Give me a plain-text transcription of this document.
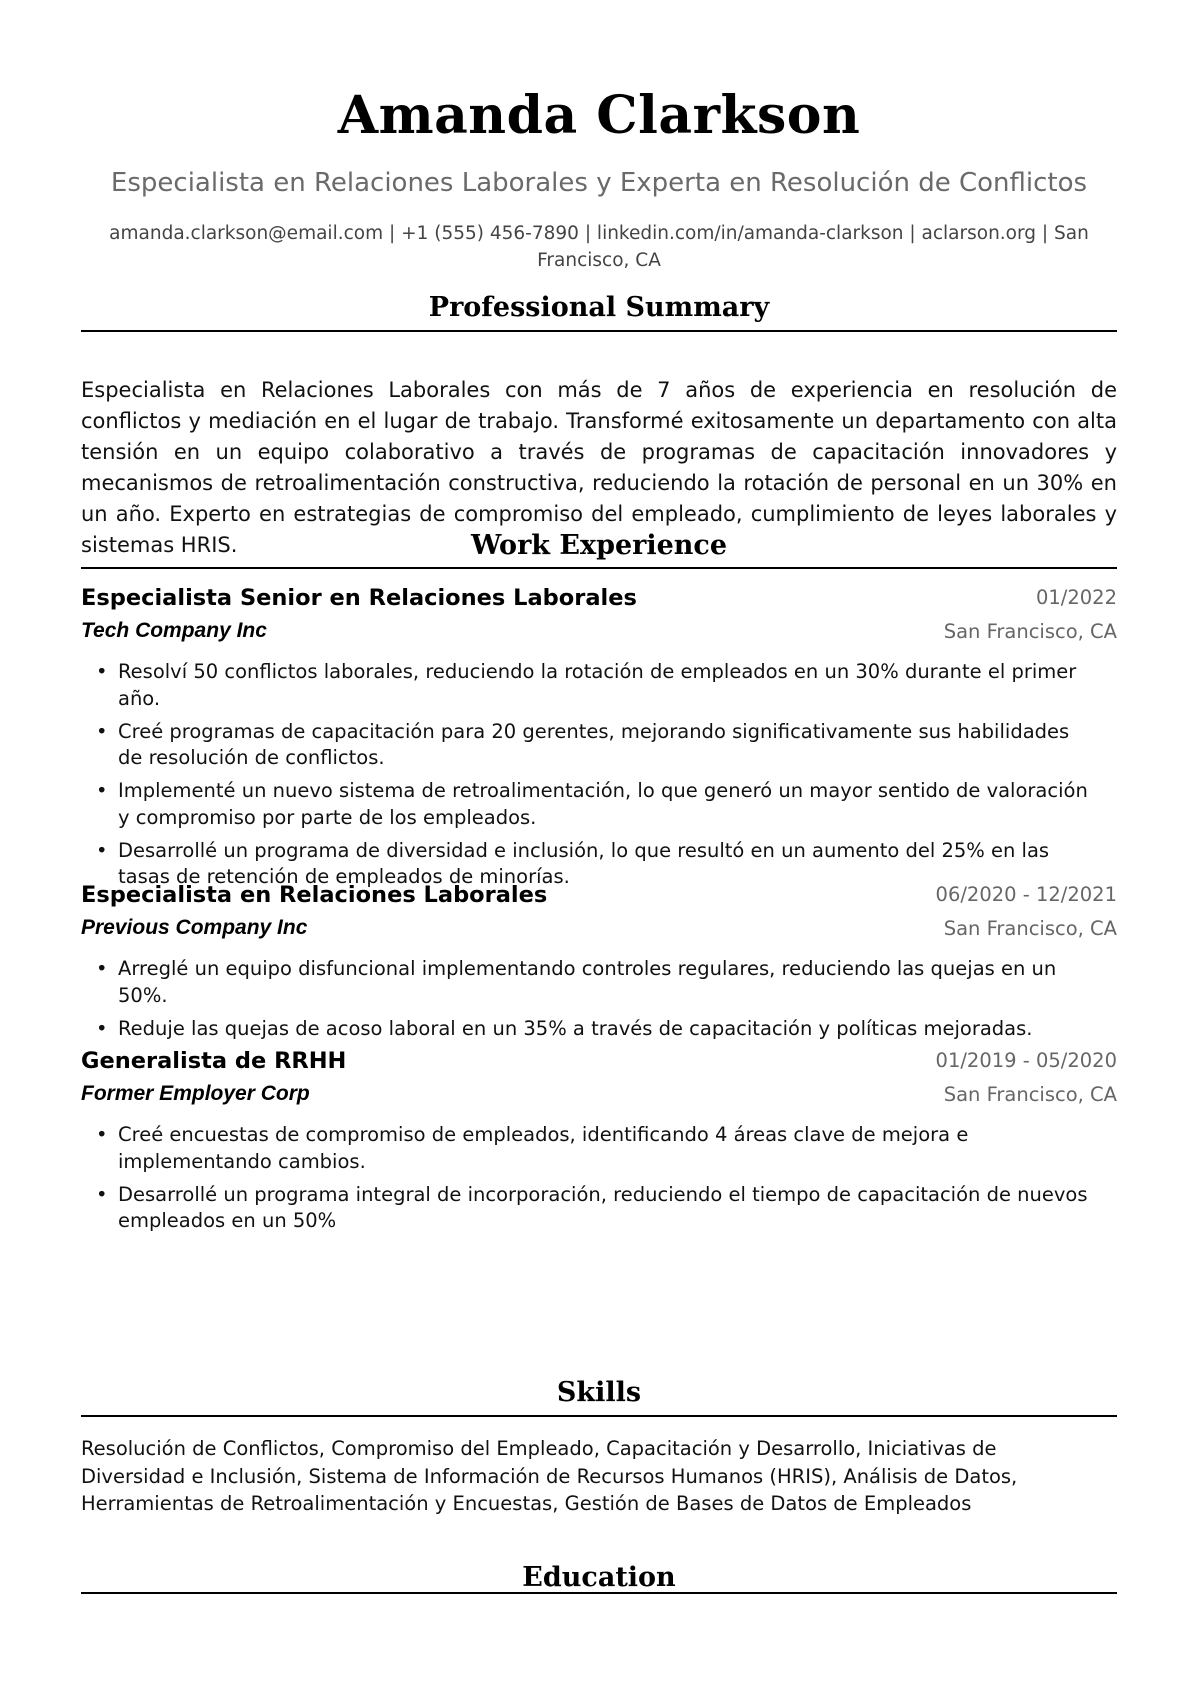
Amanda Clarkson
Especialista en Relaciones Laborales y Experta en Resolución de Conflictos
amanda.clarkson@email.com | +1 (555) 456-7890 | linkedin.com/in/amanda-clarkson | aclarson.org | San Francisco, CA
Professional Summary
Especialista en Relaciones Laborales con más de 7 años de experiencia en resolución de conflictos y mediación en el lugar de trabajo. Transformé exitosamente un departamento con alta tensión en un equipo colaborativo a través de programas de capacitación innovadores y mecanismos de retroalimentación constructiva, reduciendo la rotación de personal en un 30% en un año. Experto en estrategias de compromiso del empleado, cumplimiento de leyes laborales y sistemas HRIS.	Work Experience
Especialista Senior en Relaciones Laborales	01/2022
Tech Company Inc	San Francisco, CA
• Resolví 50 conflictos laborales, reduciendo la rotación de empleados en un 30% durante el primer año.
• Creé programas de capacitación para 20 gerentes, mejorando significativamente sus habilidades de resolución de conflictos.
• Implementé un nuevo sistema de retroalimentación, lo que generó un mayor sentido de valoración y compromiso por parte de los empleados.
• Desarrollé un programa de diversidad e inclusión, lo que resultó en un aumento del 25% en las tasas de retención de empleados de minorías.
Especialista en Relaciones Laborales	06/2020 - 12/2021
Previous Company Inc	San Francisco, CA
• Arreglé un equipo disfuncional implementando controles regulares, reduciendo las quejas en un 50%.
• Reduje las quejas de acoso laboral en un 35% a través de capacitación y políticas mejoradas.
Generalista de RRHH	01/2019 - 05/2020
Former Employer Corp	San Francisco, CA
• Creé encuestas de compromiso de empleados, identificando 4 áreas clave de mejora e implementando cambios.
• Desarrollé un programa integral de incorporación, reduciendo el tiempo de capacitación de nuevos empleados en un 50%
Skills
Resolución de Conflictos, Compromiso del Empleado, Capacitación y Desarrollo, Iniciativas de Diversidad e Inclusión, Sistema de Información de Recursos Humanos (HRIS), Análisis de Datos, Herramientas de Retroalimentación y Encuestas, Gestión de Bases de Datos de Empleados
Education
